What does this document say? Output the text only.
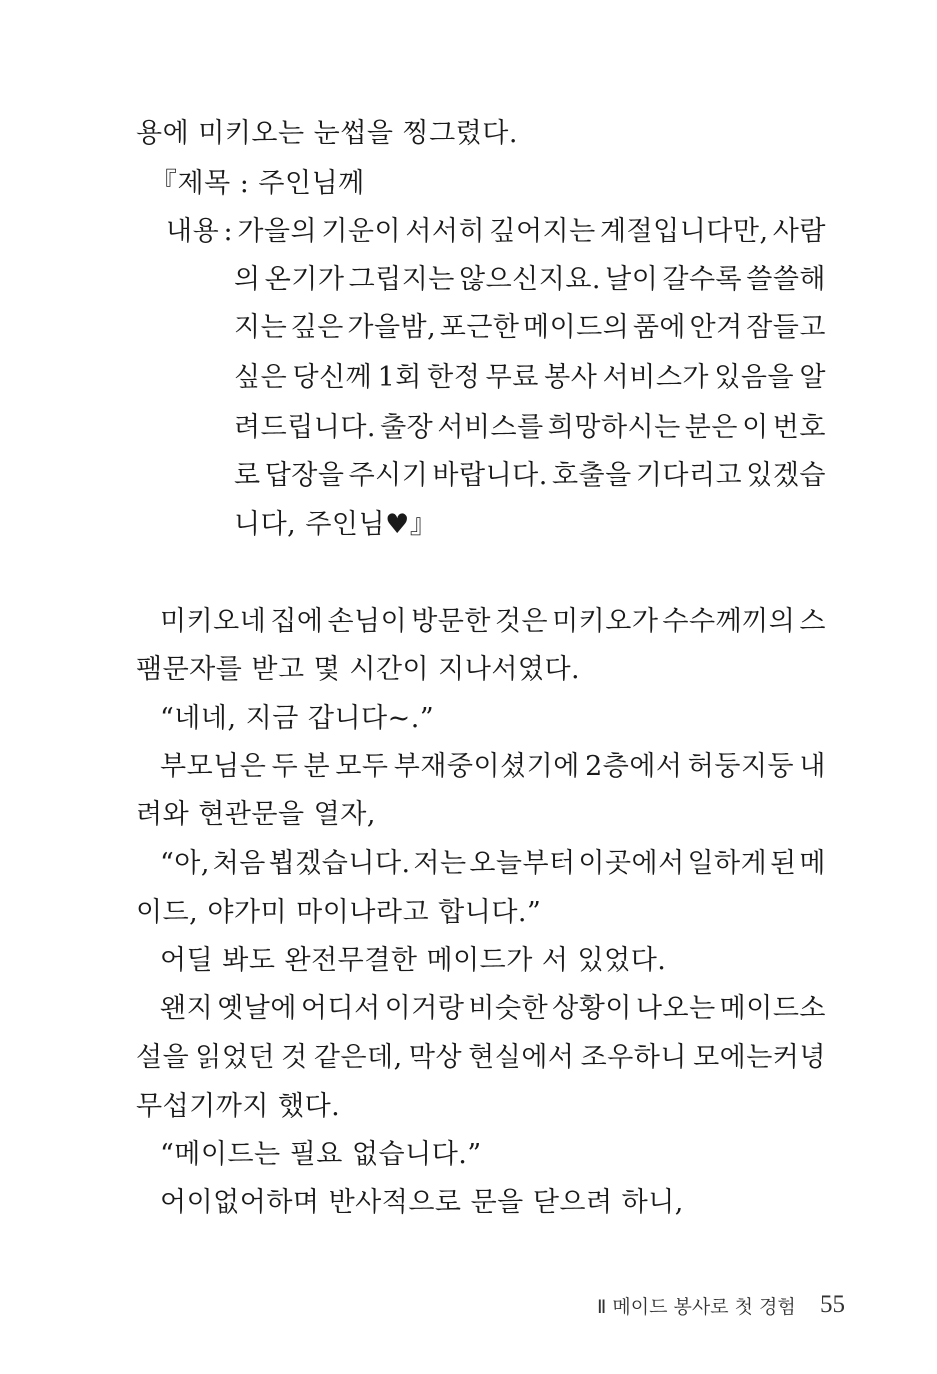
용에 미키오는 눈썹을 찡그렸다.
『제목 : 주인님께
내용 : 가을의 기운이 서서히 깊어지는 계절입니다만, 사람
의 온기가 그립지는 않으신지요. 날이 갈수록 쓸쓸해
지는 깊은 가을밤, 포근한 메이드의 품에 안겨 잠들고
싶은 당신께 1회 한정 무료 봉사 서비스가 있음을 알
려드립니다. 출장 서비스를 희망하시는 분은 이 번호
로 답장을 주시기 바랍니다. 호출을 기다리고 있겠습
니다, 주인님♥』
미키오네 집에 손님이 방문한 것은 미키오가 수수께끼의 스
팸문자를 받고 몇 시간이 지나서였다.
“네네, 지금 갑니다~.”
부모님은 두 분 모두 부재중이셨기에 2층에서 허둥지둥 내
려와 현관문을 열자,
“아, 처음 뵙겠습니다. 저는 오늘부터 이곳에서 일하게 된 메
이드, 야가미 마이나라고 합니다.”
어딜 봐도 완전무결한 메이드가 서 있었다.
왠지 옛날에 어디서 이거랑 비슷한 상황이 나오는 메이드소
설을 읽었던 것 같은데, 막상 현실에서 조우하니 모에는커녕
무섭기까지 했다.
“메이드는 필요 없습니다.”
어이없어하며 반사적으로 문을 닫으려 하니,
Ⅱ 메이드 봉사로 첫 경험 55
